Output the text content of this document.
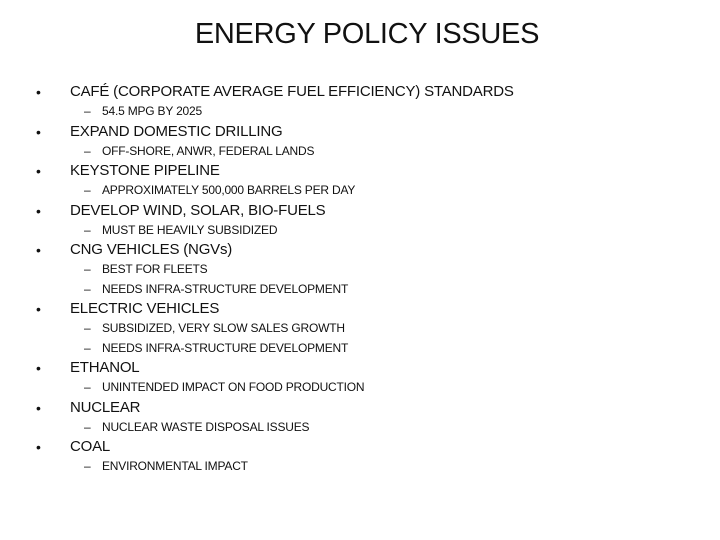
ENERGY POLICY ISSUES
•	CAFÉ (CORPORATE AVERAGE FUEL EFFICIENCY) STANDARDS
– 54.5 MPG BY 2025
•	EXPAND DOMESTIC DRILLING
– OFF-SHORE, ANWR, FEDERAL LANDS
•	KEYSTONE PIPELINE
– APPROXIMATELY 500,000 BARRELS PER DAY
•	DEVELOP WIND, SOLAR, BIO-FUELS
– MUST BE HEAVILY SUBSIDIZED
•	CNG VEHICLES (NGVs)
– BEST FOR FLEETS
– NEEDS INFRA-STRUCTURE DEVELOPMENT
•	ELECTRIC VEHICLES
– SUBSIDIZED, VERY SLOW SALES GROWTH
– NEEDS INFRA-STRUCTURE DEVELOPMENT
•	ETHANOL
– UNINTENDED IMPACT ON FOOD PRODUCTION
•	NUCLEAR
– NUCLEAR WASTE DISPOSAL ISSUES
•	COAL
– ENVIRONMENTAL IMPACT
